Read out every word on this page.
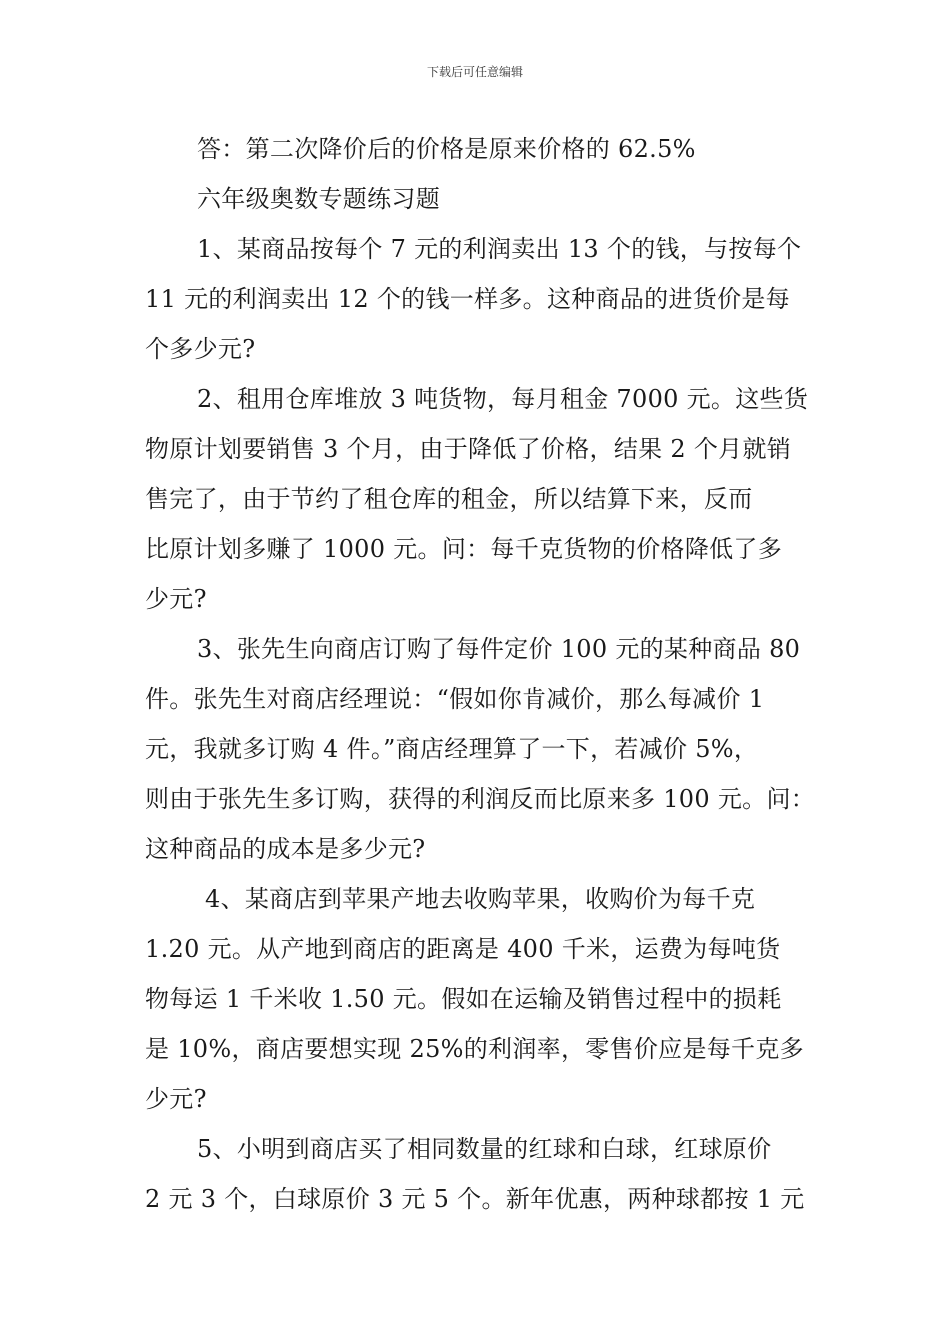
下载后可任意编辑
答：第二次降价后的价格是原来价格的 62.5%
六年级奥数专题练习题
1、某商品按每个 7 元的利润卖出 13 个的钱，与按每个
11 元的利润卖出 12 个的钱一样多。这种商品的进货价是每
个多少元?
2、租用仓库堆放 3 吨货物，每月租金 7000 元。这些货
物原计划要销售 3 个月，由于降低了价格，结果 2 个月就销
售完了，由于节约了租仓库的租金，所以结算下来，反而
比原计划多赚了 1000 元。问：每千克货物的价格降低了多
少元?
3、张先生向商店订购了每件定价 100 元的某种商品 80
件。张先生对商店经理说：“假如你肯减价，那么每减价 1
元，我就多订购 4 件。”商店经理算了一下，若减价 5%，
则由于张先生多订购，获得的利润反而比原来多 100 元。问：
这种商品的成本是多少元?
4、某商店到苹果产地去收购苹果，收购价为每千克
1.20 元。从产地到商店的距离是 400 千米，运费为每吨货
物每运 1 千米收 1.50 元。假如在运输及销售过程中的损耗
是 10%，商店要想实现 25%的利润率，零售价应是每千克多
少元?
5、小明到商店买了相同数量的红球和白球，红球原价
2 元 3 个，白球原价 3 元 5 个。新年优惠，两种球都按 1 元
